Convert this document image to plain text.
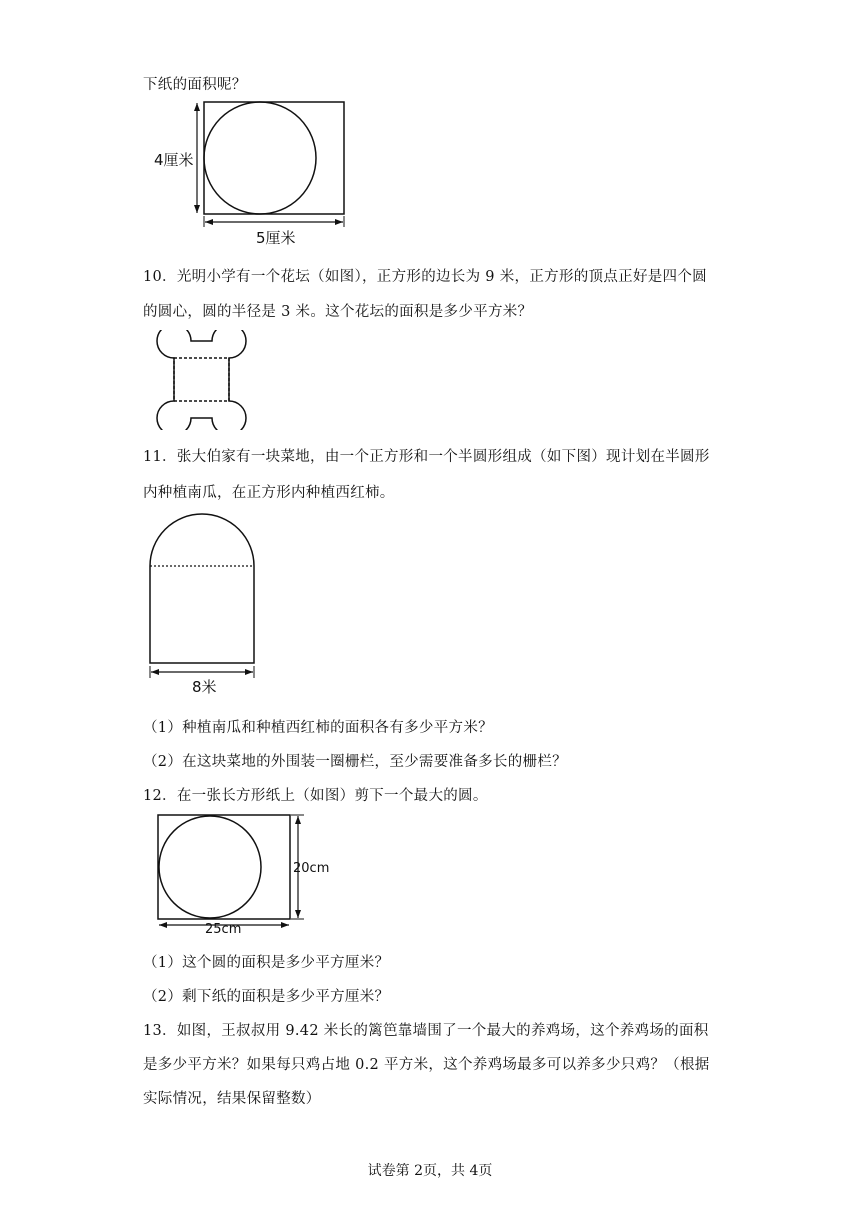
下纸的面积呢？
4厘米
5厘米
10．光明小学有一个花坛（如图），正方形的边长为 9 米，正方形的顶点正好是四个圆
的圆心，圆的半径是 3 米。这个花坛的面积是多少平方米？
11．张大伯家有一块菜地，由一个正方形和一个半圆形组成（如下图）现计划在半圆形
内种植南瓜，在正方形内种植西红柿。
8米
（1）种植南瓜和种植西红柿的面积各有多少平方米？
（2）在这块菜地的外围装一圈栅栏，至少需要准备多长的栅栏？
12．在一张长方形纸上（如图）剪下一个最大的圆。
20cm
25cm
（1）这个圆的面积是多少平方厘米？
（2）剩下纸的面积是多少平方厘米？
13．如图，王叔叔用 9.42 米长的篱笆靠墙围了一个最大的养鸡场，这个养鸡场的面积
是多少平方米？如果每只鸡占地 0.2 平方米，这个养鸡场最多可以养多少只鸡？（根据
实际情况，结果保留整数）
试卷第 2页，共 4页
